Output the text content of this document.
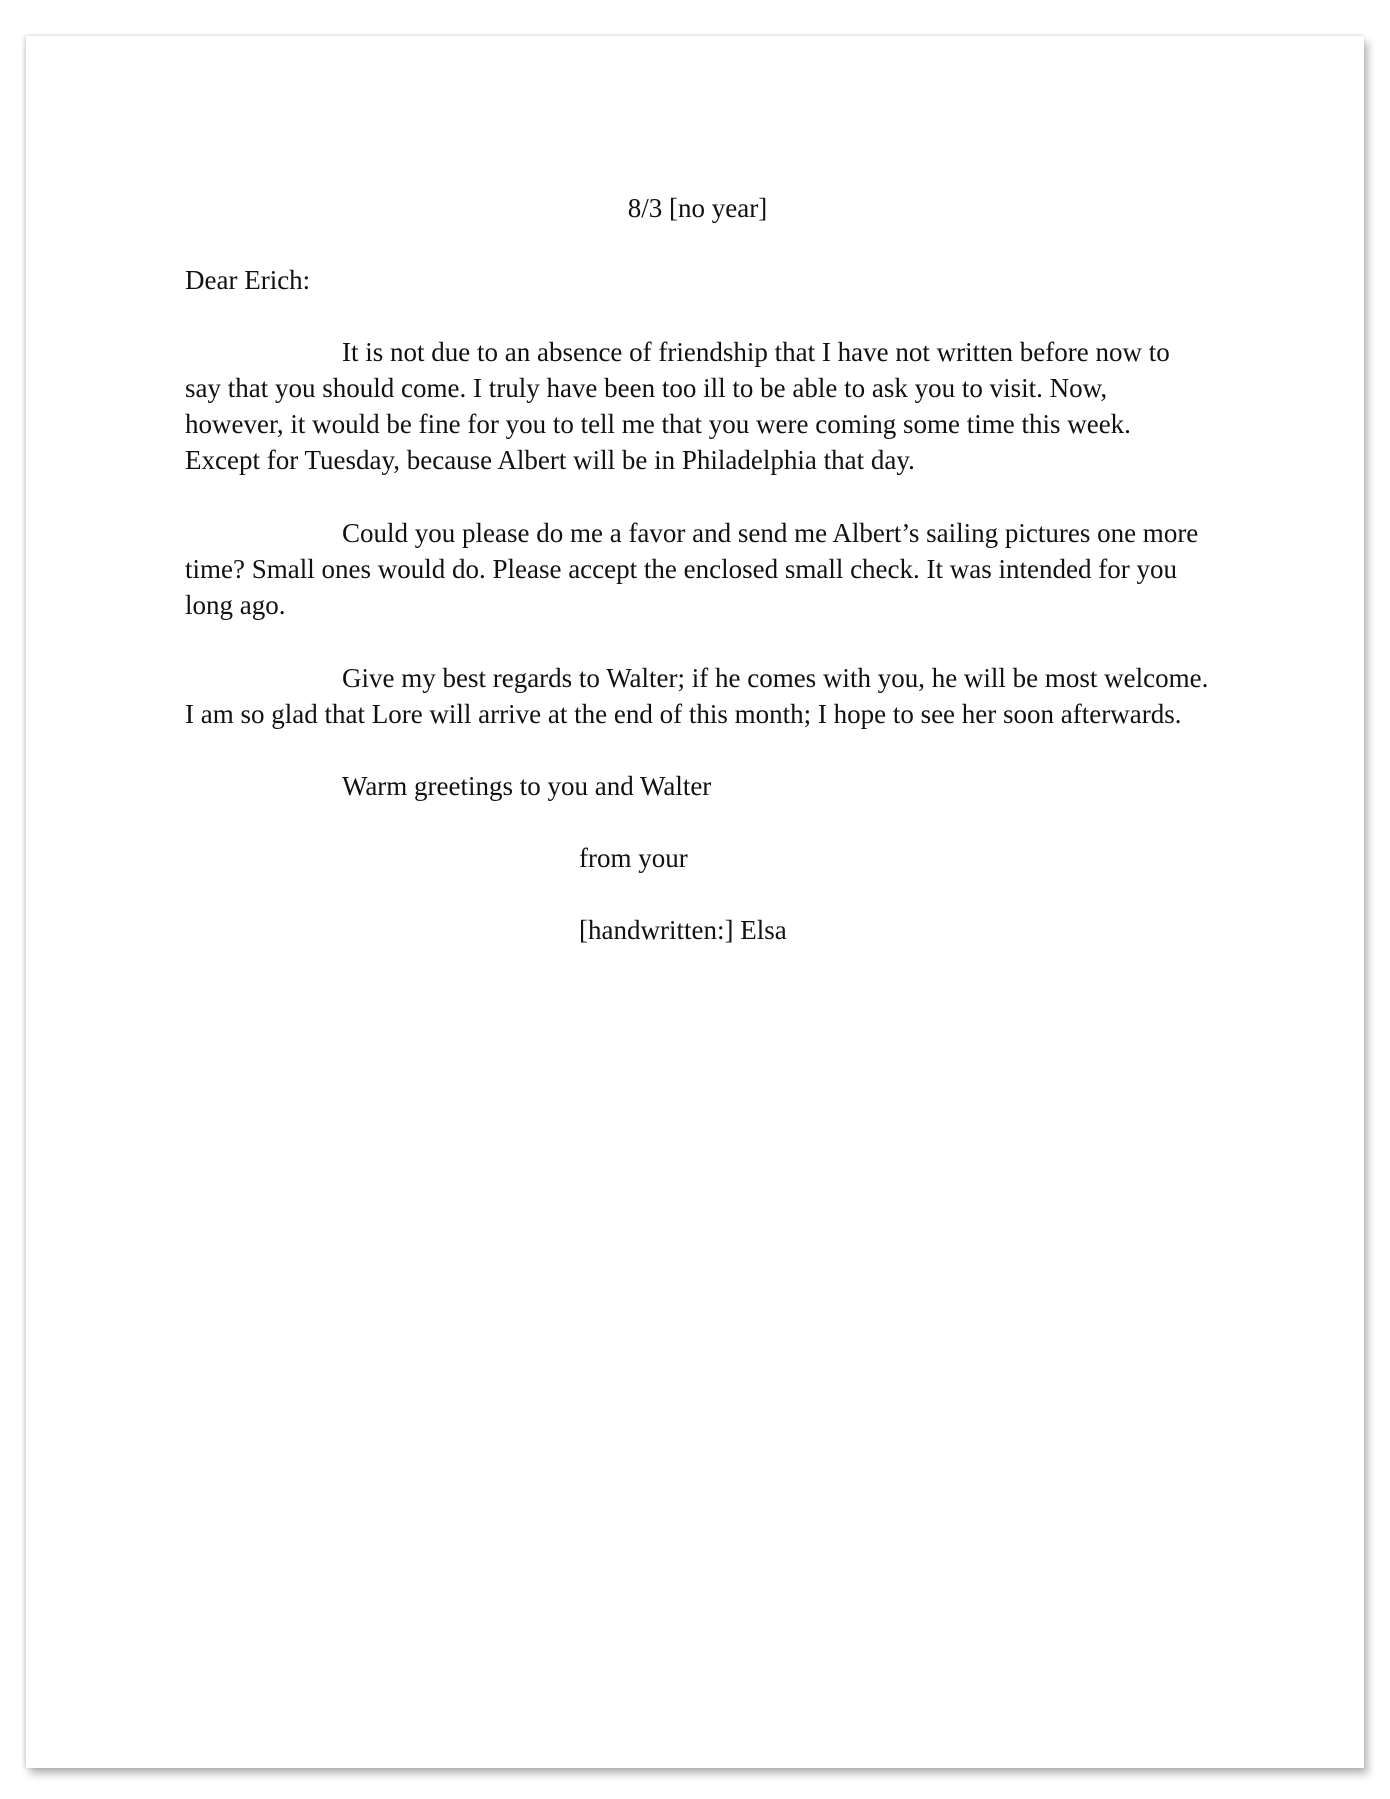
8/3 [no year]

Dear Erich:

It is not due to an absence of friendship that I have not written before now to say that you should come. I truly have been too ill to be able to ask you to visit. Now, however, it would be fine for you to tell me that you were coming some time this week. Except for Tuesday, because Albert will be in Philadelphia that day.

Could you please do me a favor and send me Albert’s sailing pictures one more time? Small ones would do. Please accept the enclosed small check. It was intended for you long ago.

Give my best regards to Walter; if he comes with you, he will be most welcome. I am so glad that Lore will arrive at the end of this month; I hope to see her soon afterwards.

Warm greetings to you and Walter

from your

[handwritten:] Elsa
